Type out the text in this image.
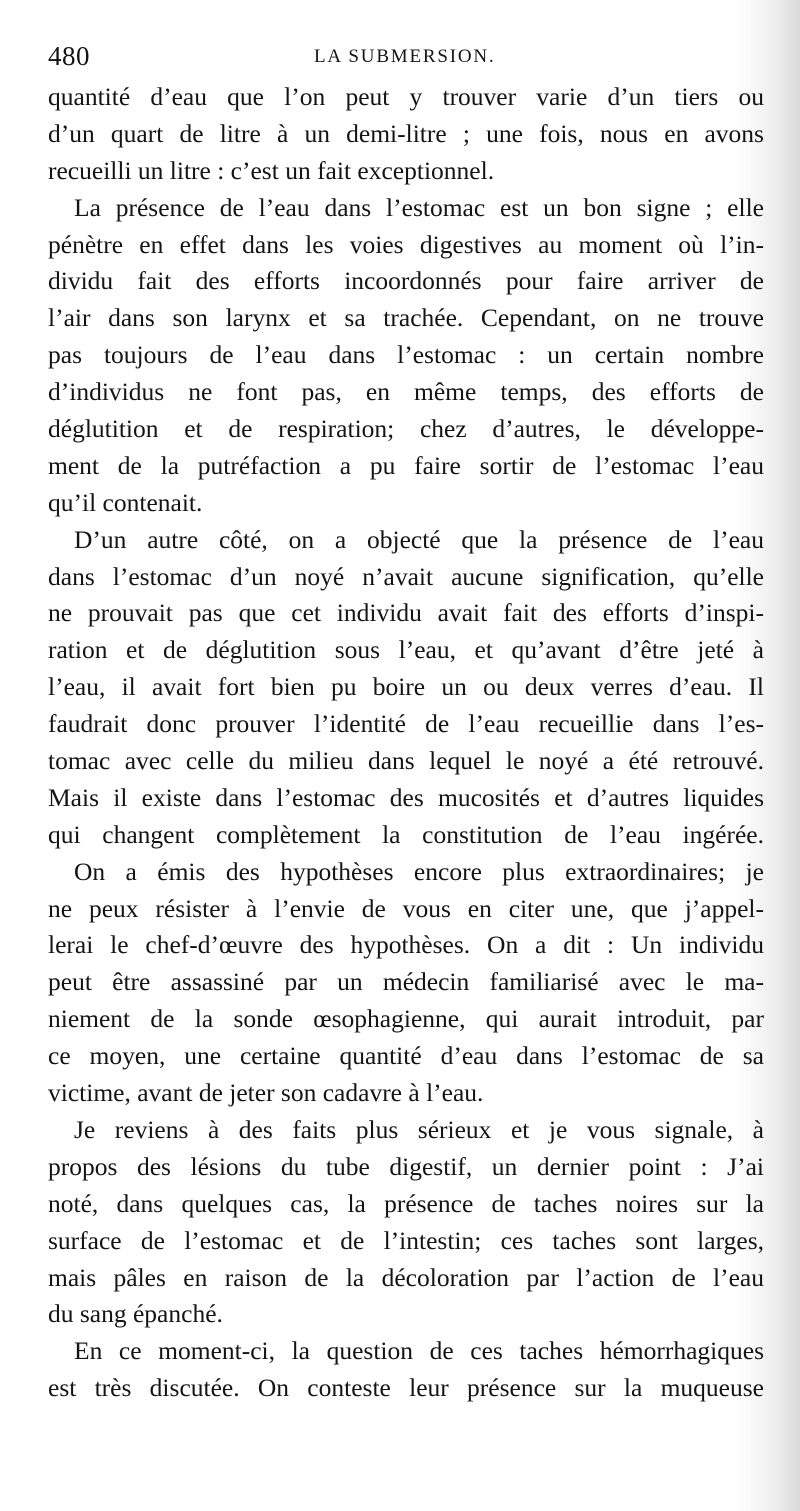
480	LA SUBMERSION.
quantité d’eau que l’on peut y trouver varie d’un tiers ou
d’un quart de litre à un demi-litre ; une fois, nous en avons
recueilli un litre : c’est un fait exceptionnel.
La présence de l’eau dans l’estomac est un bon signe ; elle
pénètre en effet dans les voies digestives au moment où l’in-
dividu fait des efforts incoordonnés pour faire arriver de
l’air dans son larynx et sa trachée. Cependant, on ne trouve
pas toujours de l’eau dans l’estomac : un certain nombre
d’individus ne font pas, en même temps, des efforts de
déglutition et de respiration; chez d’autres, le développe-
ment de la putréfaction a pu faire sortir de l’estomac l’eau
qu’il contenait.
D’un autre côté, on a objecté que la présence de l’eau
dans l’estomac d’un noyé n’avait aucune signification, qu’elle
ne prouvait pas que cet individu avait fait des efforts d’inspi-
ration et de déglutition sous l’eau, et qu’avant d’être jeté à
l’eau, il avait fort bien pu boire un ou deux verres d’eau. Il
faudrait donc prouver l’identité de l’eau recueillie dans l’es-
tomac avec celle du milieu dans lequel le noyé a été retrouvé.
Mais il existe dans l’estomac des mucosités et d’autres liquides
qui changent complètement la constitution de l’eau ingérée.
On a émis des hypothèses encore plus extraordinaires; je
ne peux résister à l’envie de vous en citer une, que j’appel-
lerai le chef-d’œuvre des hypothèses. On a dit : Un individu
peut être assassiné par un médecin familiarisé avec le ma-
niement de la sonde œsophagienne, qui aurait introduit, par
ce moyen, une certaine quantité d’eau dans l’estomac de sa
victime, avant de jeter son cadavre à l’eau.
Je reviens à des faits plus sérieux et je vous signale, à
propos des lésions du tube digestif, un dernier point : J’ai
noté, dans quelques cas, la présence de taches noires sur la
surface de l’estomac et de l’intestin; ces taches sont larges,
mais pâles en raison de la décoloration par l’action de l’eau
du sang épanché.
En ce moment-ci, la question de ces taches hémorrhagiques
est très discutée. On conteste leur présence sur la muqueuse
